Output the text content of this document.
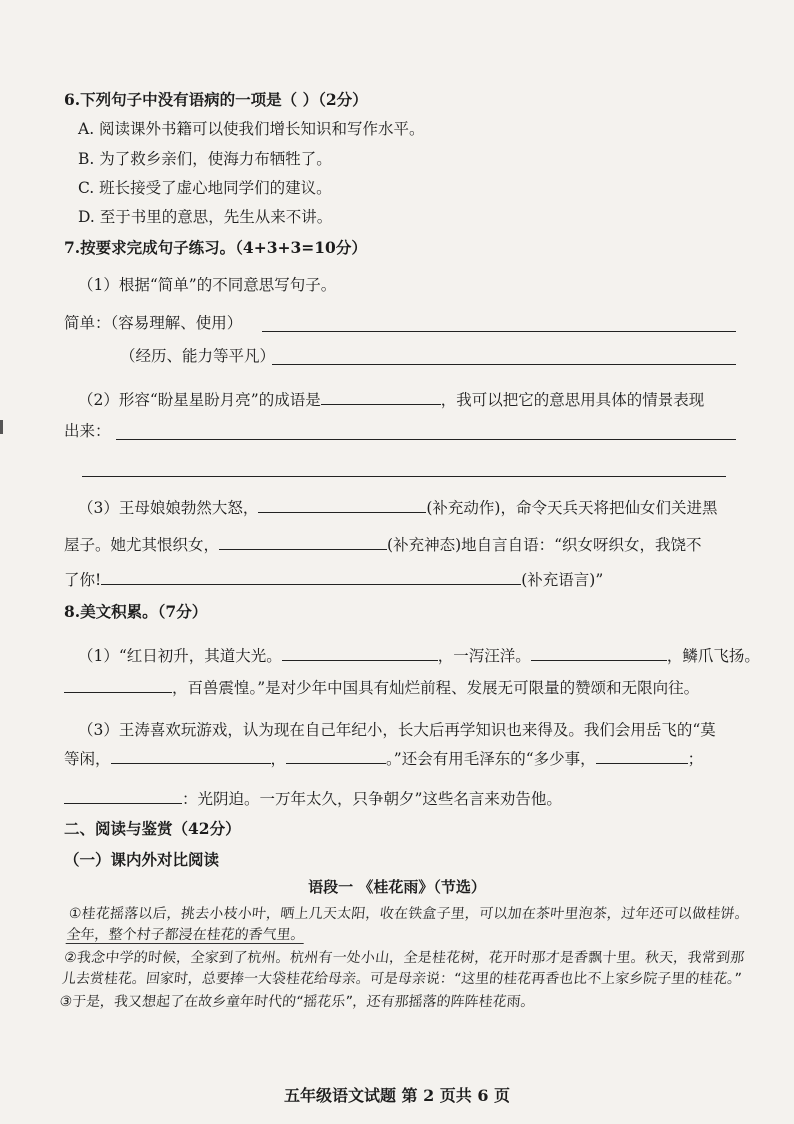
6.下列句子中没有语病的一项是（ ）（2分）
A. 阅读课外书籍可以使我们增长知识和写作水平。
B. 为了救乡亲们，使海力布牺牲了。
C. 班长接受了虚心地同学们的建议。
D. 至于书里的意思，先生从来不讲。
7.按要求完成句子练习。（4+3+3=10分）
（1）根据“简单”的不同意思写句子。
简单：（容易理解、使用）
（经历、能力等平凡）
（2）形容“盼星星盼月亮”的成语是	，我可以把它的意思用具体的情景表现
出来：
（3）王母娘娘勃然大怒，	(补充动作)，命令天兵天将把仙女们关进黑
屋子。她尤其恨织女，	(补充神态)地自言自语：“织女呀织女，我饶不
了你!	(补充语言)”
8.美文积累。（7分）
（1）“红日初升，其道大光。	，一泻汪洋。	，鳞爪飞扬。
，百兽震惶。”是对少年中国具有灿烂前程、发展无可限量的赞颂和无限向往。
（3）王涛喜欢玩游戏，认为现在自己年纪小，长大后再学知识也来得及。我们会用岳飞的“莫
等闲，	，	。”还会有用毛泽东的“多少事，	；
：光阴迫。一万年太久，只争朝夕”这些名言来劝告他。
二、阅读与鉴赏（42分）
（一）课内外对比阅读
语段一 《桂花雨》（节选）

①桂花摇落以后，挑去小枝小叶，晒上几天太阳，收在铁盒子里，可以加在茶叶里泡茶，过年还可以做桂饼。全年，整个村子都浸在桂花的香气里。

②我念中学的时候，全家到了杭州。杭州有一处小山，全是桂花树，花开时那才是香飘十里。秋天，我常到那儿去赏桂花。回家时，总要捧一大袋桂花给母亲。可是母亲说：“这里的桂花再香也比不上家乡院子里的桂花。”

③于是，我又想起了在故乡童年时代的“摇花乐”，还有那摇落的阵阵桂花雨。

五年级语文试题 第 2 页共 6 页
